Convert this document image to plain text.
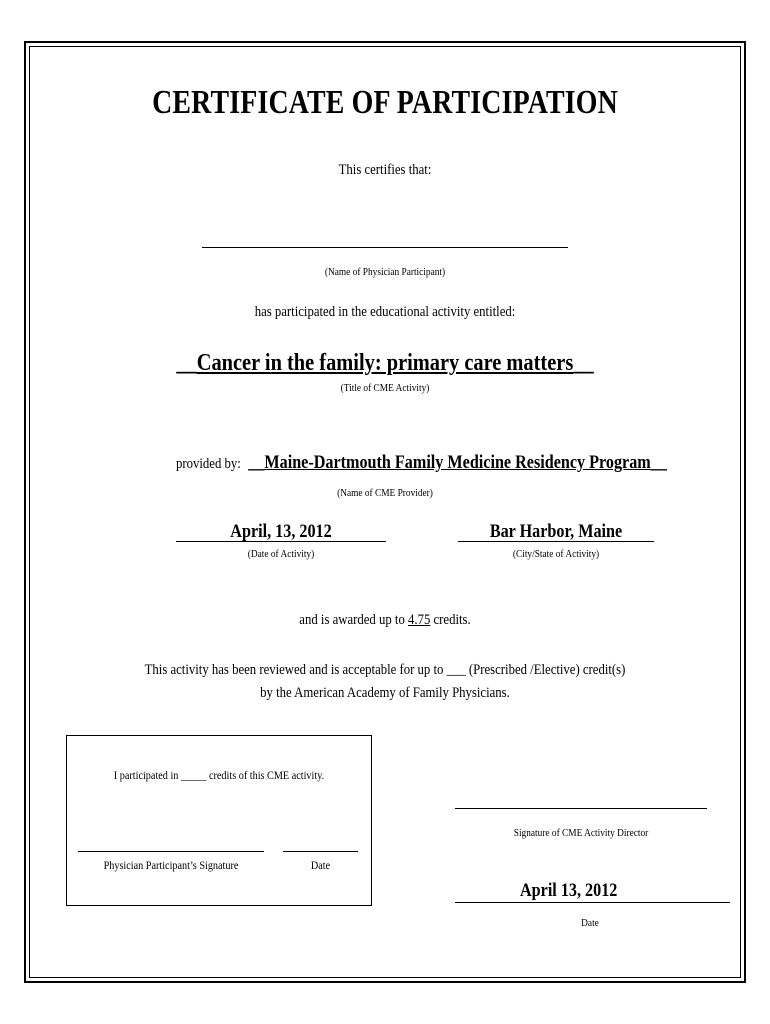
CERTIFICATE OF PARTICIPATION
This certifies that:
(Name of Physician Participant)
has participated in the educational activity entitled:
__Cancer in the family: primary care matters__
(Title of CME Activity)
provided by:  __Maine-Dartmouth Family Medicine Residency Program__
(Name of CME Provider)
April, 13, 2012
(Date of Activity)
Bar Harbor, Maine
(City/State of Activity)
and is awarded up to 4.75 credits.
This activity has been reviewed and is acceptable for up to ___ (Prescribed /Elective) credit(s)
by the American Academy of Family Physicians.
I participated in _____ credits of this CME activity.
Physician Participant’s Signature	Date
Signature of CME Activity Director
April 13, 2012
Date
